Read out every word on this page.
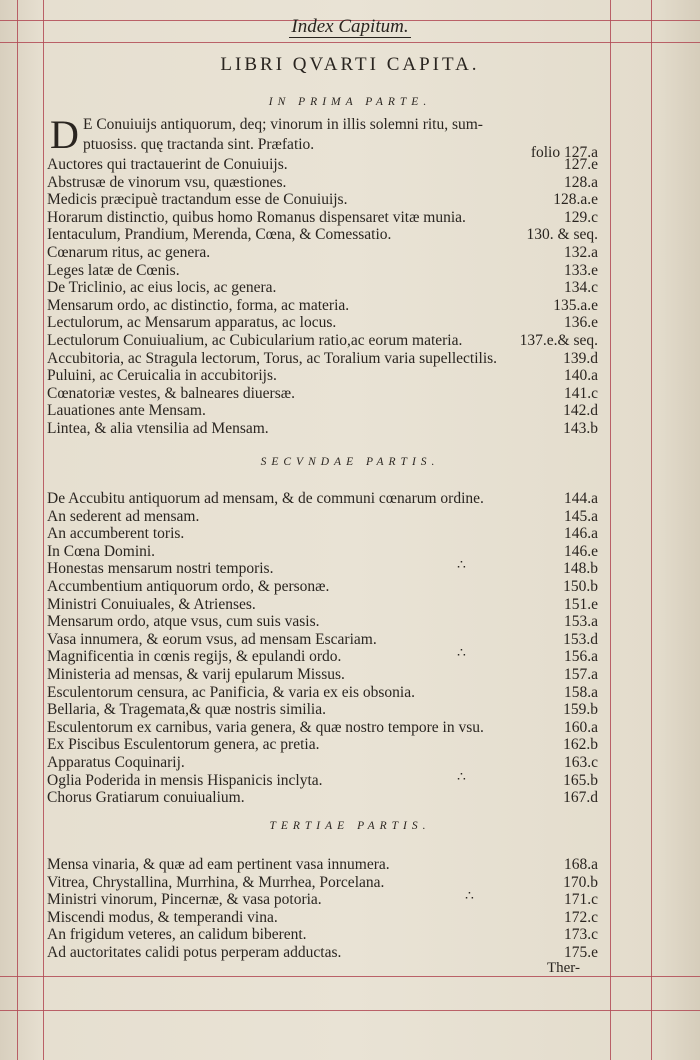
Index Capitum.
LIBRI QVARTI CAPITA.
IN PRIMA PARTE.
D E Conuiuijs antiquorum, deq; vinorum in illis solemni ritu, sum-
ptuosiss. quę tractanda sint. Præfatio.	folio 127.a
SECVNDAE PARTIS.
TERTIAE PARTIS.
Auctores qui tractauerint de Conuiuijs.	127.e
Abstrusæ de vinorum vsu, quæstiones.	128.a
Medicis præcipuè tractandum esse de Conuiuijs.	128.a.e
Horarum distinctio, quibus homo Romanus dispensaret vitæ munia.	129.c
Ientaculum, Prandium, Merenda, Cœna, & Comessatio.	130. & seq.
Cœnarum ritus, ac genera.	132.a
Leges latæ de Cœnis.	133.e
De Triclinio, ac eius locis, ac genera.	134.c
Mensarum ordo, ac distinctio, forma, ac materia.	135.a.e
Lectulorum, ac Mensarum apparatus, ac locus.	136.e
Lectulorum Conuiualium, ac Cubicularium ratio,ac eorum materia.	137.e.& seq.
Accubitoria, ac Stragula lectorum, Torus, ac Toralium varia supellectilis.	139.d
Puluini, ac Ceruicalia in accubitorijs.	140.a
Cœnatoriæ vestes, & balneares diuersæ.	141.c
Lauationes ante Mensam.	142.d
Lintea, & alia vtensilia ad Mensam.	143.b
De Accubitu antiquorum ad mensam, & de communi cœnarum ordine.	144.a
An sederent ad mensam.	145.a
An accumberent toris.	146.a
In Cœna Domini.	146.e
Honestas mensarum nostri temporis.	∴	148.b
Accumbentium antiquorum ordo, & personæ.	150.b
Ministri Conuiuales, & Atrienses.	151.e
Mensarum ordo, atque vsus, cum suis vasis.	153.a
Vasa innumera, & eorum vsus, ad mensam Escariam.	153.d
Magnificentia in cœnis regijs, & epulandi ordo.	∴	156.a
Ministeria ad mensas, & varij epularum Missus.	157.a
Esculentorum censura, ac Panificia, & varia ex eis obsonia.	158.a
Bellaria, & Tragemata,& quæ nostris similia.	159.b
Esculentorum ex carnibus, varia genera, & quæ nostro tempore in vsu.	160.a
Ex Piscibus Esculentorum genera, ac pretia.	162.b
Apparatus Coquinarij.	163.c
Oglia Poderida in mensis Hispanicis inclyta.	∴	165.b
Chorus Gratiarum conuiualium.	167.d
Mensa vinaria, & quæ ad eam pertinent vasa innumera.	168.a
Vitrea, Chrystallina, Murrhina, & Murrhea, Porcelana.	170.b
Ministri vinorum, Pincernæ, & vasa potoria.	∴	171.c
Miscendi modus, & temperandi vina.	172.c
An frigidum veteres, an calidum biberent.	173.c
Ad auctoritates calidi potus perperam adductas.	175.e
Ther-
